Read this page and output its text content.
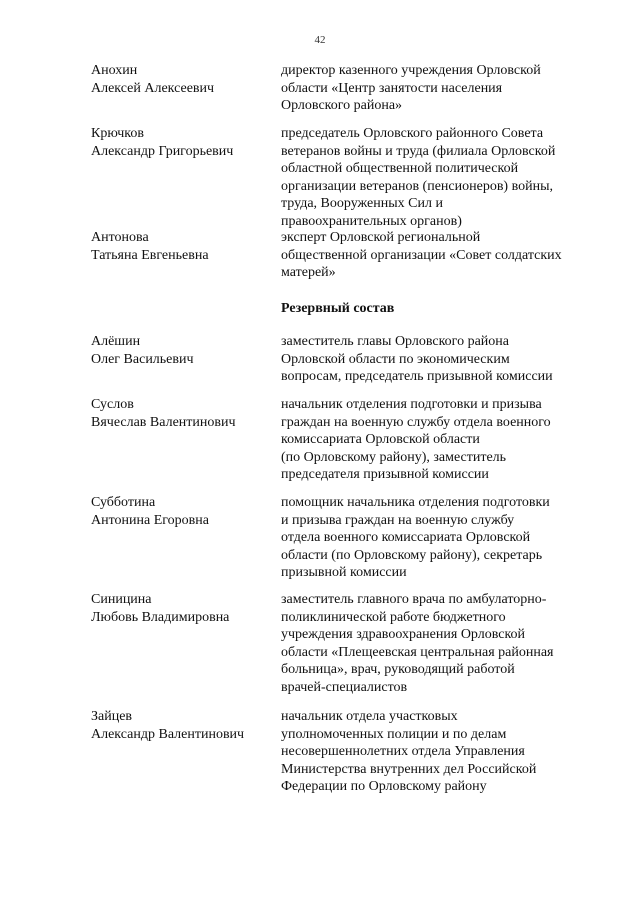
42
Анохин
Алексей Алексеевич
директор казенного учреждения Орловской
области «Центр занятости населения
Орловского района»
Крючков
Александр Григорьевич
председатель Орловского районного Совета
ветеранов войны и труда (филиала Орловской
областной общественной политической
организации ветеранов (пенсионеров) войны,
труда, Вооруженных Сил и
правоохранительных органов)
Антонова
Татьяна Евгеньевна
эксперт Орловской региональной
общественной организации «Совет солдатских
матерей»
Резервный состав
Алёшин
Олег Васильевич
заместитель главы Орловского района
Орловской области по экономическим
вопросам, председатель призывной комиссии
Суслов
Вячеслав Валентинович
начальник отделения подготовки и призыва
граждан на военную службу отдела военного
комиссариата Орловской области
(по Орловскому району), заместитель
председателя призывной комиссии
Субботина
Антонина Егоровна
помощник начальника отделения подготовки
и призыва граждан на военную службу
отдела военного комиссариата Орловской
области (по Орловскому району), секретарь
призывной комиссии
Синицина
Любовь Владимировна
заместитель главного врача по амбулаторно-
поликлинической работе бюджетного
учреждения здравоохранения Орловской
области «Плещеевская центральная районная
больница», врач, руководящий работой
врачей-специалистов
Зайцев
Александр Валентинович
начальник отдела участковых
уполномоченных полиции и по делам
несовершеннолетних отдела Управления
Министерства внутренних дел Российской
Федерации по Орловскому району
